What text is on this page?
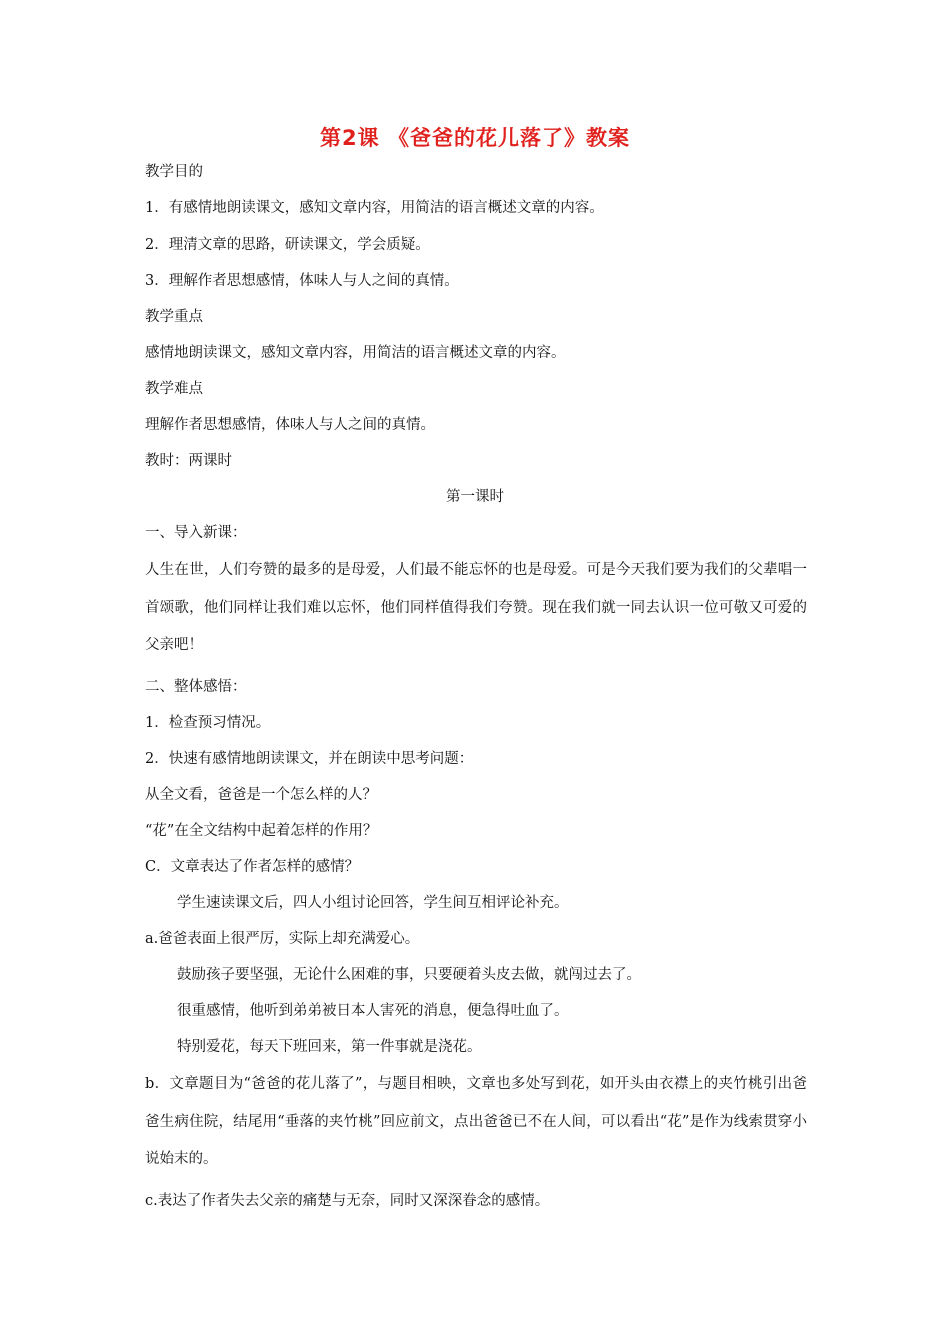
第2课 《爸爸的花儿落了》教案
教学目的
1．有感情地朗读课文，感知文章内容，用简洁的语言概述文章的内容。
2．理清文章的思路，研读课文，学会质疑。
3．理解作者思想感情，体味人与人之间的真情。
教学重点
感情地朗读课文，感知文章内容，用简洁的语言概述文章的内容。
教学难点
理解作者思想感情，体味人与人之间的真情。
教时：两课时
第一课时
一、导入新课：
人生在世，人们夸赞的最多的是母爱，人们最不能忘怀的也是母爱。可是今天我们要为我们的父辈唱一首颂歌，他们同样让我们难以忘怀，他们同样值得我们夸赞。现在我们就一同去认识一位可敬又可爱的父亲吧！
二、整体感悟：
1．检查预习情况。
2．快速有感情地朗读课文，并在朗读中思考问题：
从全文看，爸爸是一个怎么样的人？
“花”在全文结构中起着怎样的作用？
C．文章表达了作者怎样的感情？
学生速读课文后，四人小组讨论回答，学生间互相评论补充。
a.爸爸表面上很严厉，实际上却充满爱心。
鼓励孩子要坚强，无论什么困难的事，只要硬着头皮去做，就闯过去了。
很重感情，他听到弟弟被日本人害死的消息，便急得吐血了。
特别爱花，每天下班回来，第一件事就是浇花。
b．文章题目为“爸爸的花儿落了”，与题目相映，文章也多处写到花，如开头由衣襟上的夹竹桃引出爸爸生病住院，结尾用“垂落的夹竹桃”回应前文，点出爸爸已不在人间，可以看出“花”是作为线索贯穿小说始末的。
c.表达了作者失去父亲的痛楚与无奈，同时又深深眷念的感情。
